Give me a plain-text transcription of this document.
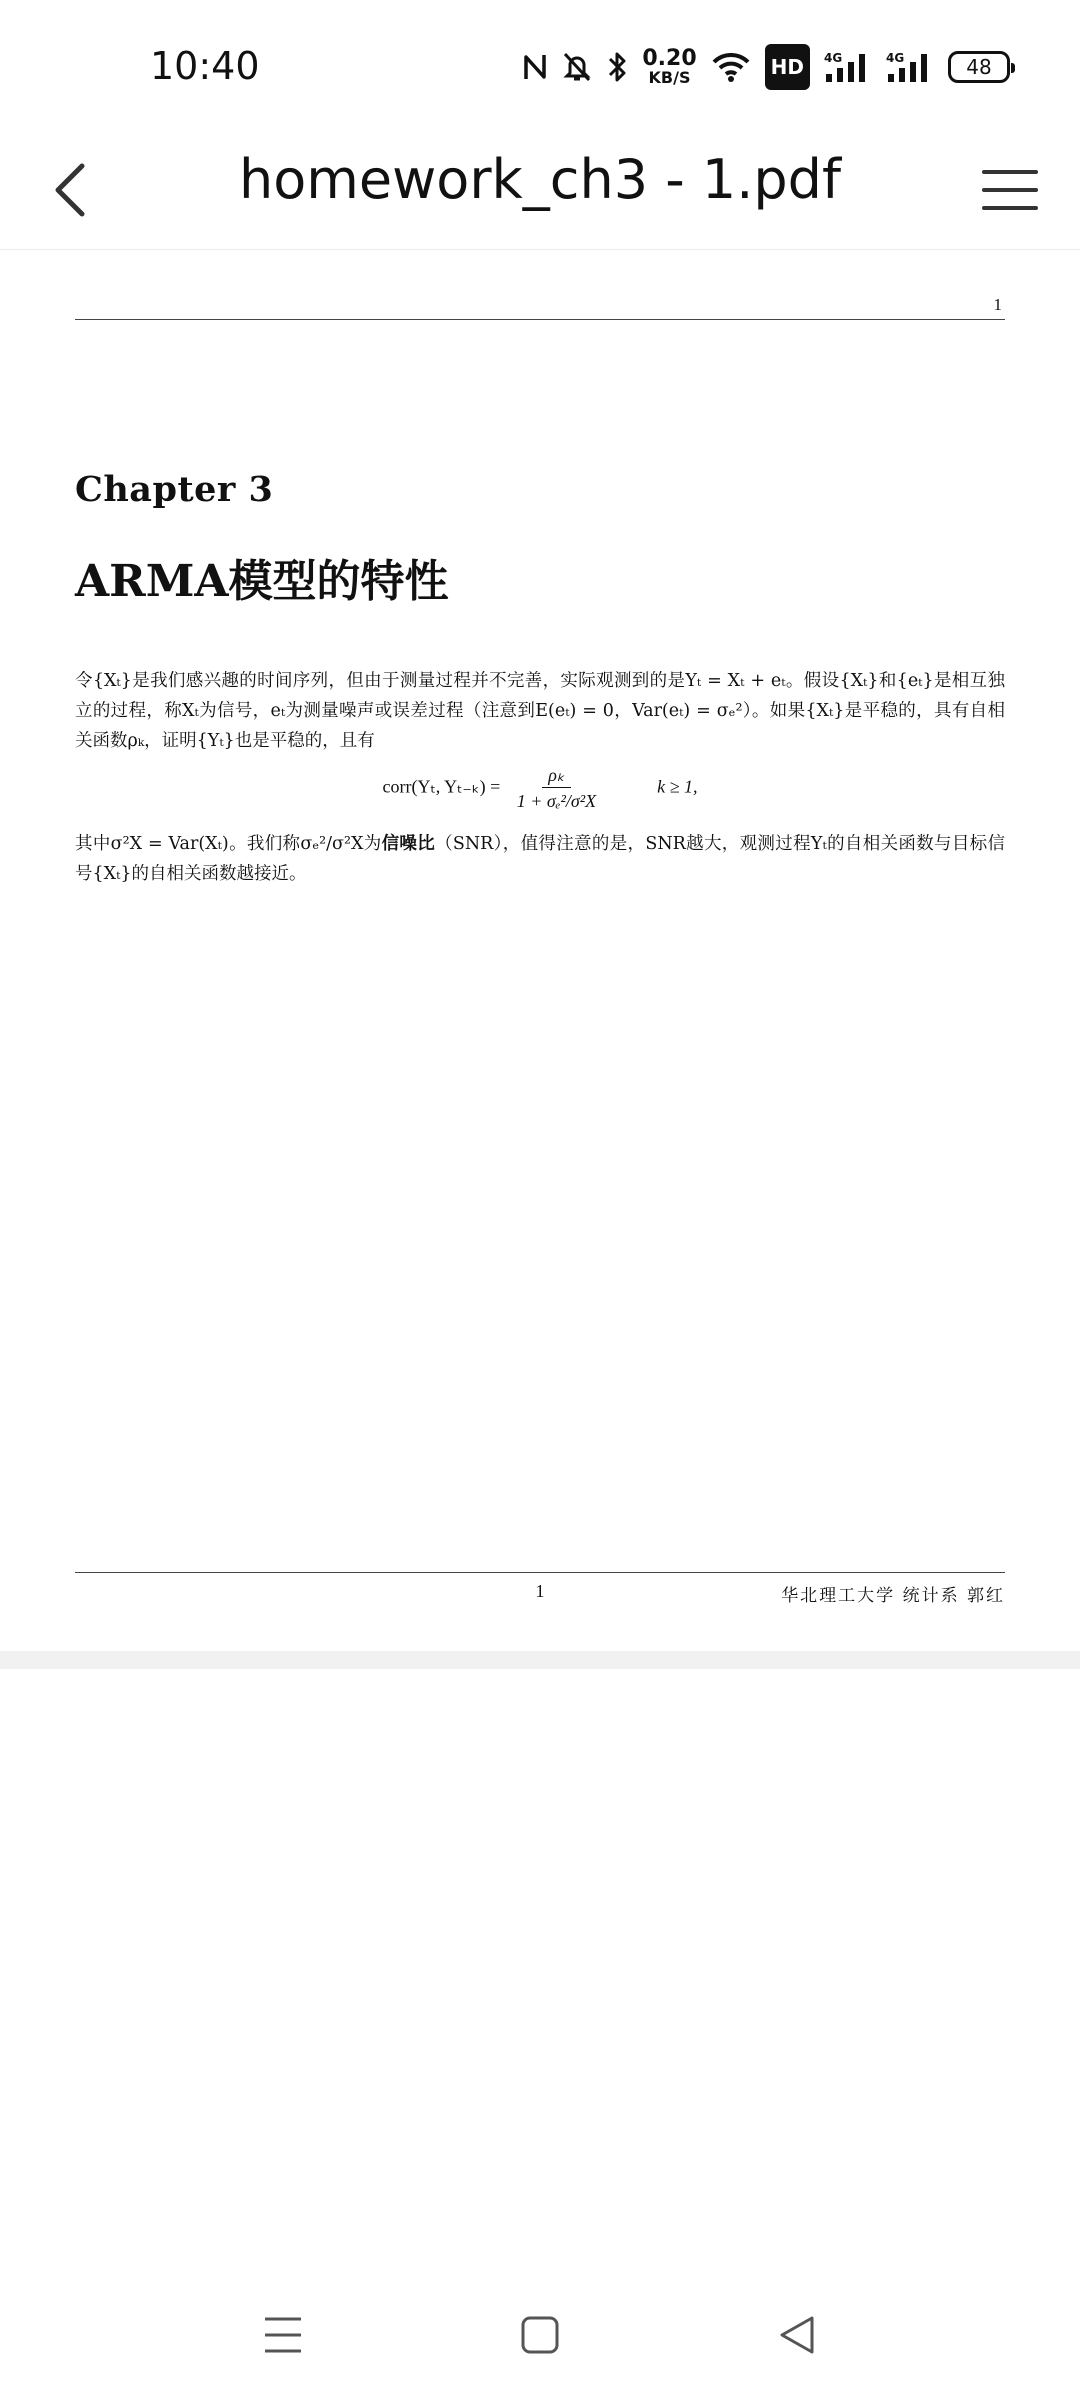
10:40	0.20
KB/S	HD	4G	4G	48
homework_ch3 - 1.pdf
1
Chapter 3
ARMA模型的特性
令{Xₜ}是我们感兴趣的时间序列，但由于测量过程并不完善，实际观测到的是Yₜ = Xₜ + eₜ。假设{Xₜ}和{eₜ}是相互独立的过程，称Xₜ为信号，eₜ为测量噪声或误差过程（注意到E(eₜ) = 0，Var(eₜ) = σₑ²）。如果{Xₜ}是平稳的，具有自相关函数ρₖ，证明{Yₜ}也是平稳的，且有
corr(Yₜ, $Y_{t-k}) = \frac{\text{ρₖ}}{\text{1 + σₑ²/σ²X}}$	k ≥ 1,
其中σ²X = Var(Xₜ)。我们称σₑ²/σ²X为信噪比（SNR），值得注意的是，SNR越大，观测过程Yₜ的自相关函数与目标信号{Xₜ}的自相关函数越接近。
1	华北理工大学 统计系 郭红
